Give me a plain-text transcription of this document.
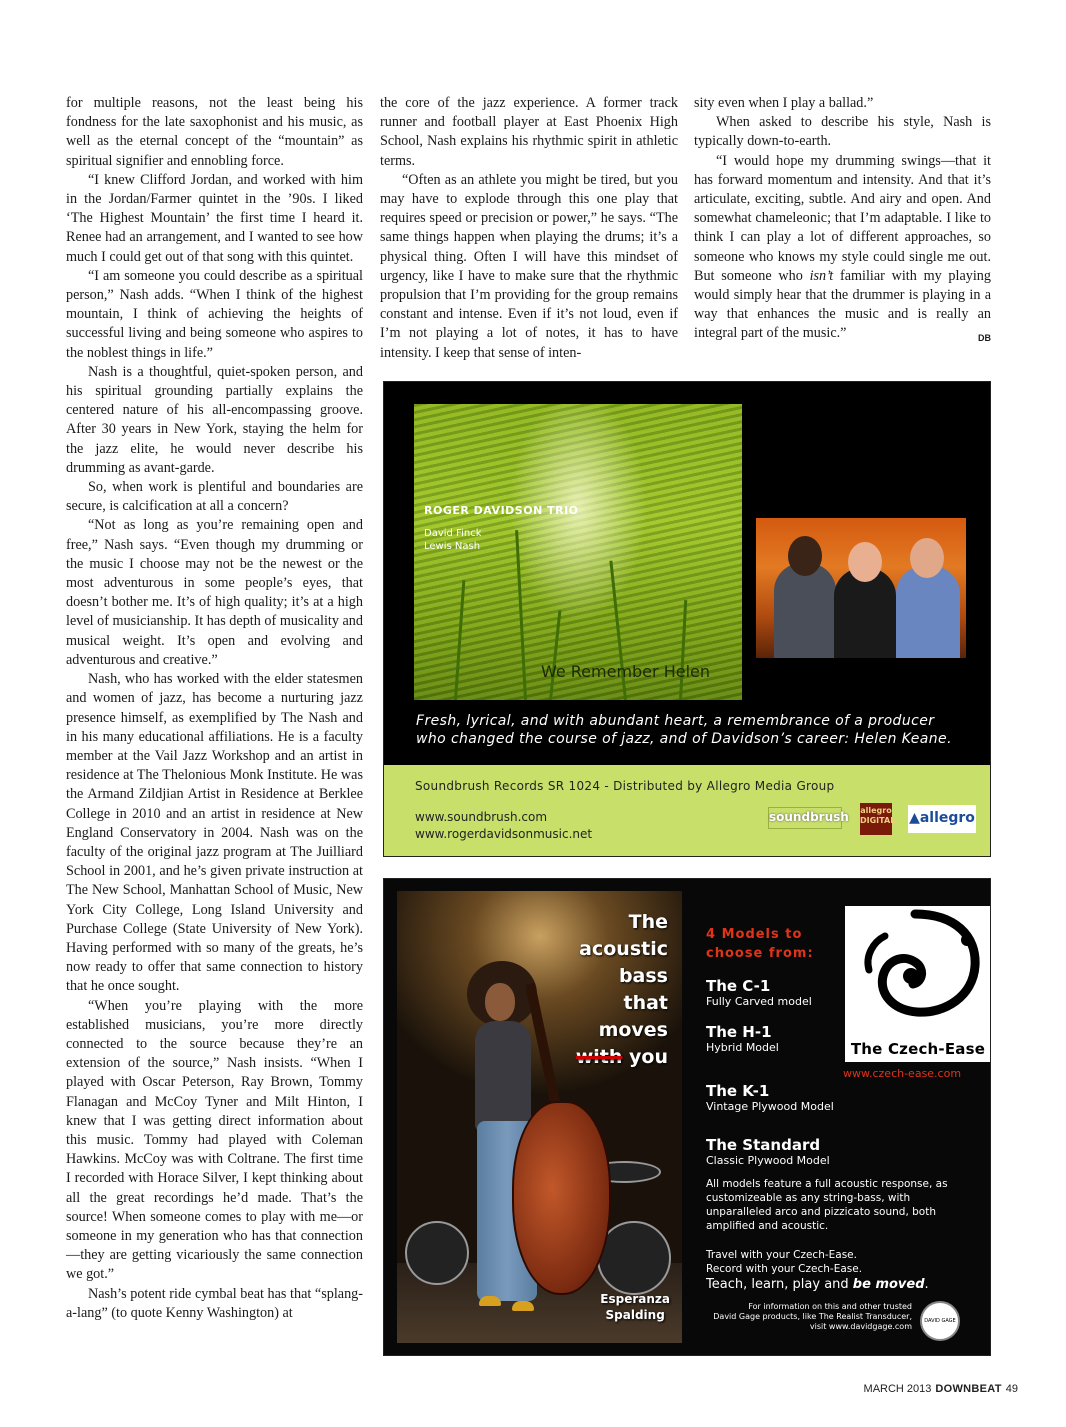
for multiple reasons, not the least being his fondness for the late saxophonist and his music, as well as the eternal concept of the “mountain” as spiritual signifier and ennobling force.

“I knew Clifford Jordan, and worked with him in the Jordan/Farmer quintet in the ’90s. I liked ‘The Highest Mountain’ the first time I heard it. Renee had an arrangement, and I wanted to see how much I could get out of that song with this quintet.

“I am someone you could describe as a spiritual person,” Nash adds. “When I think of the highest mountain, I think of achieving the heights of successful living and being someone who aspires to the noblest things in life.”

Nash is a thoughtful, quiet-spoken person, and his spiritual grounding partially explains the centered nature of his all-encompassing groove. After 30 years in New York, staying the helm for the jazz elite, he would never describe his drumming as avant-garde.

So, when work is plentiful and boundaries are secure, is calcification at all a concern?

“Not as long as you’re remaining open and free,” Nash says. “Even though my drumming or the music I choose may not be the newest or the most adventurous in some people’s eyes, that doesn’t bother me. It’s of high quality; it’s at a high level of musicianship. It has depth of musicality and musical weight. It’s open and evolving and adventurous and creative.”

Nash, who has worked with the elder statesmen and women of jazz, has become a nurturing jazz presence himself, as exemplified by The Nash and in his many educational affiliations. He is a faculty member at the Vail Jazz Workshop and an artist in residence at The Thelonious Monk Institute. He was the Armand Zildjian Artist in Residence at Berklee College in 2010 and an artist in residence at New England Conservatory in 2004. Nash was on the faculty of the original jazz program at The Juilliard School in 2001, and he’s given private instruction at The New School, Manhattan School of Music, New York City College, Long Island University and Purchase College (State University of New York). Having performed with so many of the greats, he’s now ready to offer that same connection to history that he once sought.

“When you’re playing with the more established musicians, you’re more directly connected to the source because they’re an extension of the source,” Nash insists. “When I played with Oscar Peterson, Ray Brown, Tommy Flanagan and McCoy Tyner and Milt Hinton, I knew that I was getting direct information about this music. Tommy had played with Coleman Hawkins. McCoy was with Coltrane. The first time I recorded with Horace Silver, I kept thinking about all the great recordings he’d made. That’s the source! When someone comes to play with me—or someone in my generation who has that connection—they are getting vicariously the same connection we got.”

Nash’s potent ride cymbal beat has that “splang-a-lang” (to quote Kenny Washington) at

the core of the jazz experience. A former track runner and football player at East Phoenix High School, Nash explains his rhythmic spirit in athletic terms.

“Often as an athlete you might be tired, but you may have to explode through this one play that requires speed or precision or power,” he says. “The same things happen when playing the drums; it’s a physical thing. Often I will have this mindset of urgency, like I have to make sure that the rhythmic propulsion that I’m providing for the group remains constant and intense. Even if it’s not loud, even if I’m not playing a lot of notes, it has to have intensity. I keep that sense of inten-

sity even when I play a ballad.”

When asked to describe his style, Nash is typically down-to-earth.

“I would hope my drumming swings—that it has forward momentum and intensity. And that it’s articulate, exciting, subtle. And airy and open. And somewhat chameleonic; that I’m adaptable. I like to think I can play a lot of different approaches, so someone who knows my style could single me out. But someone who isn’t familiar with my playing would simply hear that the drummer is playing in a way that enhances the music and is really an integral part of the music.”	DB

ROGER DAVIDSON TRIO
David Finck
Lewis Nash
We Remember Helen
Fresh, lyrical, and with abundant heart, a remembrance of a producer
who changed the course of jazz, and of Davidson’s career: Helen Keane.
Soundbrush Records SR 1024 - Distributed by Allegro Media Group
www.soundbrush.com
www.rogerdavidsonmusic.net
soundbrush allegro
DIGITAL ▲allegro
The
acoustic
bass
that
moves
with you
Esperanza
Spalding
4 Models to
choose from:
The C-1
Fully Carved model
The H-1
Hybrid Model
The K-1
Vintage Plywood Model
The Standard
Classic Plywood Model
The Czech-Ease
www.czech-ease.com
All models feature a full acoustic response, as
customizeable as any string-bass, with
unparalleled arco and pizzicato sound, both
amplified and acoustic.
Travel with your Czech-Ease.
Record with your Czech-Ease.
Teach, learn, play and be moved.
For information on this and other trusted
David Gage products, like The Realist Transducer,
visit www.davidgage.com
DAVID GAGE
MARCH 2013 DOWNBEAT 49
